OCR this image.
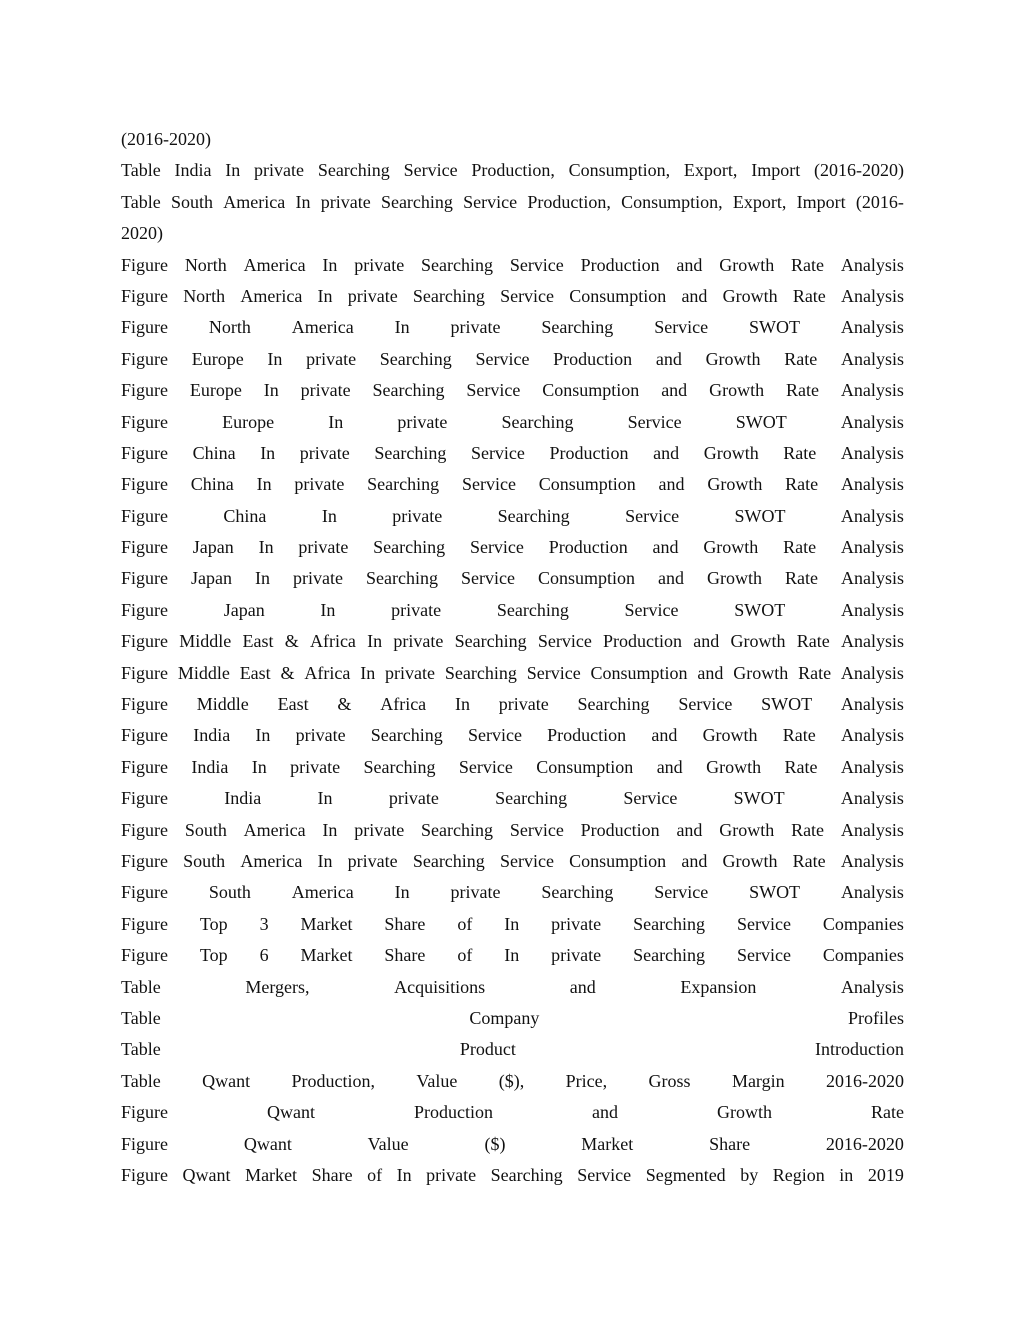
(2016-2020)
Table India In private Searching Service Production, Consumption, Export, Import (2016-2020)
Table South America In private Searching Service Production, Consumption, Export, Import (2016-
2020)
Figure North America In private Searching Service Production and Growth Rate Analysis
Figure North America In private Searching Service Consumption and Growth Rate Analysis
Figure North America In private Searching Service SWOT Analysis
Figure Europe In private Searching Service Production and Growth Rate Analysis
Figure Europe In private Searching Service Consumption and Growth Rate Analysis
Figure	Europe	In	private	Searching	Service	SWOT	Analysis
Figure China In private Searching Service Production and Growth Rate Analysis
Figure China In private Searching Service Consumption and Growth Rate Analysis
Figure	China	In	private	Searching	Service	SWOT	Analysis
Figure Japan In private Searching Service Production and Growth Rate Analysis
Figure Japan In private Searching Service Consumption and Growth Rate Analysis
Figure	Japan	In	private	Searching	Service	SWOT	Analysis
Figure Middle East & Africa In private Searching Service Production and Growth Rate Analysis
Figure Middle East & Africa In private Searching Service Consumption and Growth Rate Analysis
Figure Middle East & Africa In private Searching Service SWOT Analysis
Figure India In private Searching Service Production and Growth Rate Analysis
Figure India In private Searching Service Consumption and Growth Rate Analysis
Figure	India	In	private	Searching	Service	SWOT	Analysis
Figure South America In private Searching Service Production and Growth Rate Analysis
Figure South America In private Searching Service Consumption and Growth Rate Analysis
Figure South America In private Searching Service SWOT Analysis
Figure Top 3 Market Share of In private Searching Service Companies
Figure Top 6 Market Share of In private Searching Service Companies
Table	Mergers,	Acquisitions	and	Expansion	Analysis
Table	Company	Profiles
Table	Product	Introduction
Table Qwant Production, Value ($), Price, Gross Margin 2016-2020
Figure	Qwant	Production	and	Growth	Rate
Figure	Qwant	Value	($)	Market	Share	2016-2020
Figure Qwant Market Share of In private Searching Service Segmented by Region in 2019
